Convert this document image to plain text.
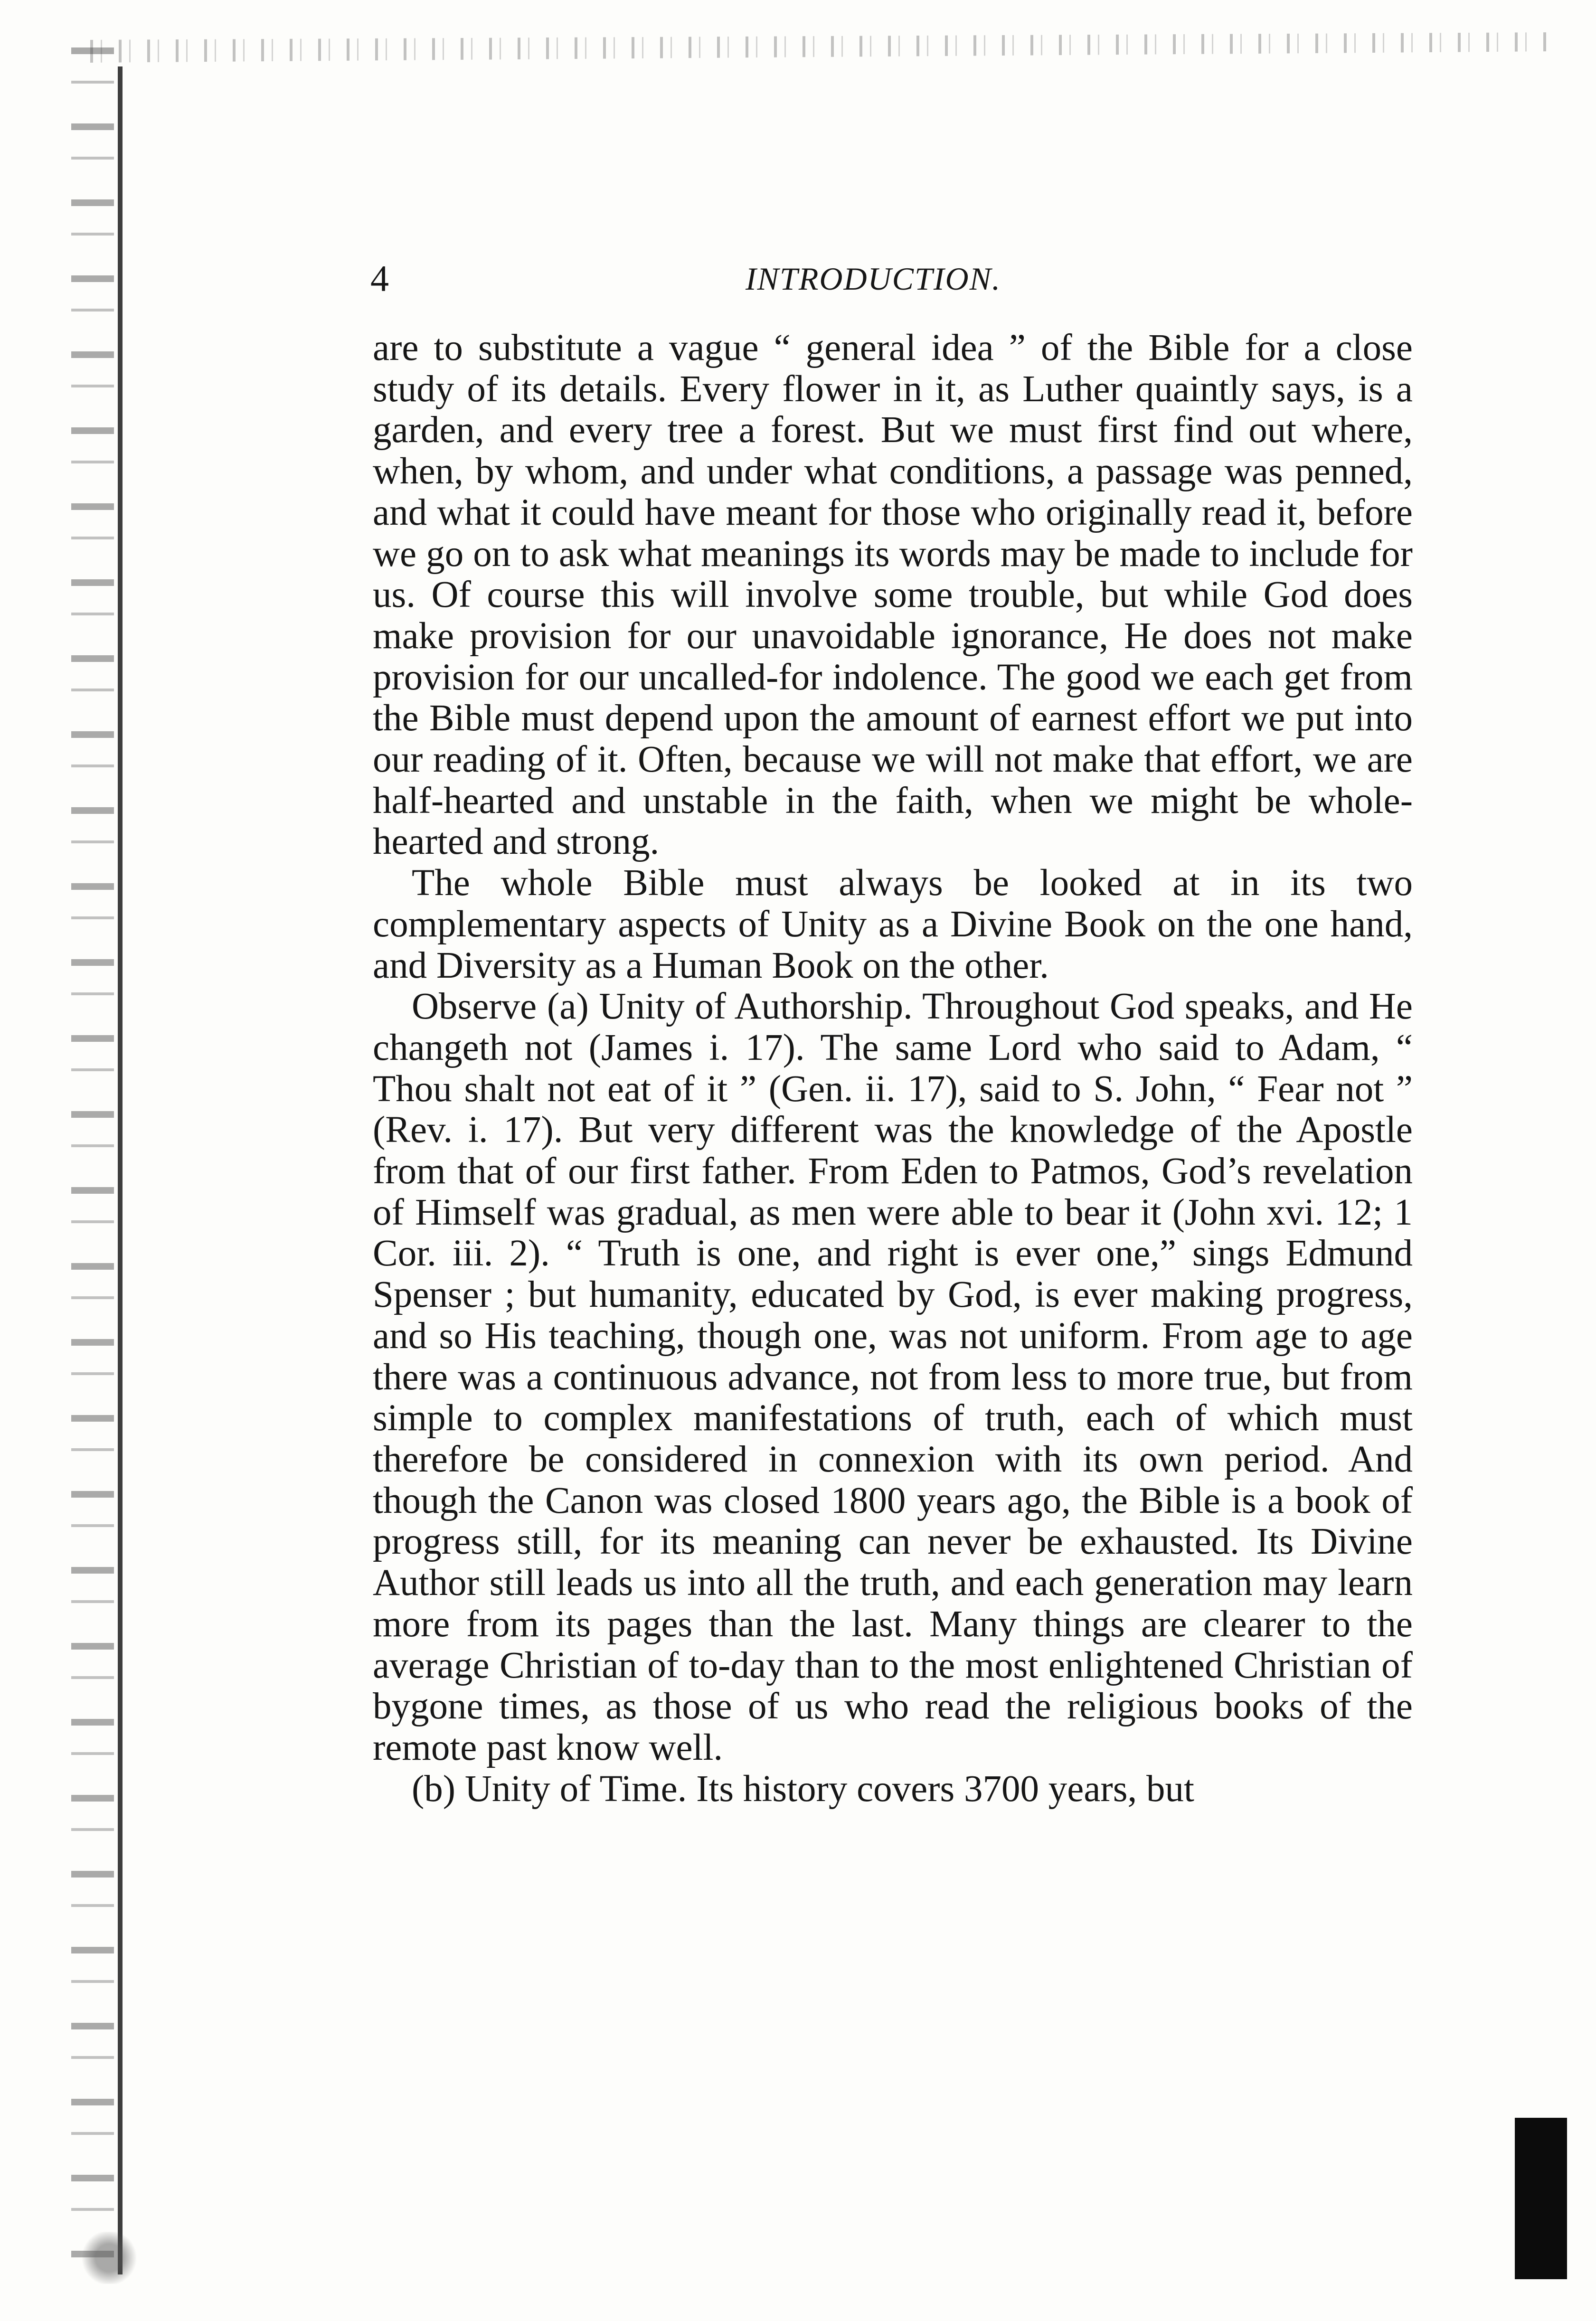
4	INTRODUCTION.

are to substitute a vague “ general idea ” of the Bible for a close study of its details. Every flower in it, as Luther quaintly says, is a garden, and every tree a forest. But we must first find out where, when, by whom, and under what conditions, a passage was penned, and what it could have meant for those who originally read it, before we go on to ask what meanings its words may be made to include for us. Of course this will involve some trouble, but while God does make provision for our unavoidable ignorance, He does not make provision for our uncalled-for indolence. The good we each get from the Bible must depend upon the amount of earnest effort we put into our reading of it. Often, because we will not make that effort, we are half-hearted and unstable in the faith, when we might be whole-hearted and strong.

The whole Bible must always be looked at in its two complementary aspects of Unity as a Divine Book on the one hand, and Diversity as a Human Book on the other.

Observe (a) Unity of Authorship. Throughout God speaks, and He changeth not (James i. 17). The same Lord who said to Adam, “ Thou shalt not eat of it ” (Gen. ii. 17), said to S. John, “ Fear not ” (Rev. i. 17). But very different was the knowledge of the Apostle from that of our first father. From Eden to Patmos, God’s revelation of Himself was gradual, as men were able to bear it (John xvi. 12; 1 Cor. iii. 2). “ Truth is one, and right is ever one,” sings Edmund Spenser ; but humanity, educated by God, is ever making progress, and so His teaching, though one, was not uniform. From age to age there was a continuous advance, not from less to more true, but from simple to complex manifestations of truth, each of which must therefore be considered in connexion with its own period. And though the Canon was closed 1800 years ago, the Bible is a book of progress still, for its meaning can never be exhausted. Its Divine Author still leads us into all the truth, and each generation may learn more from its pages than the last. Many things are clearer to the average Christian of to-day than to the most enlightened Christian of bygone times, as those of us who read the religious books of the remote past know well.

(b) Unity of Time. Its history covers 3700 years, but
